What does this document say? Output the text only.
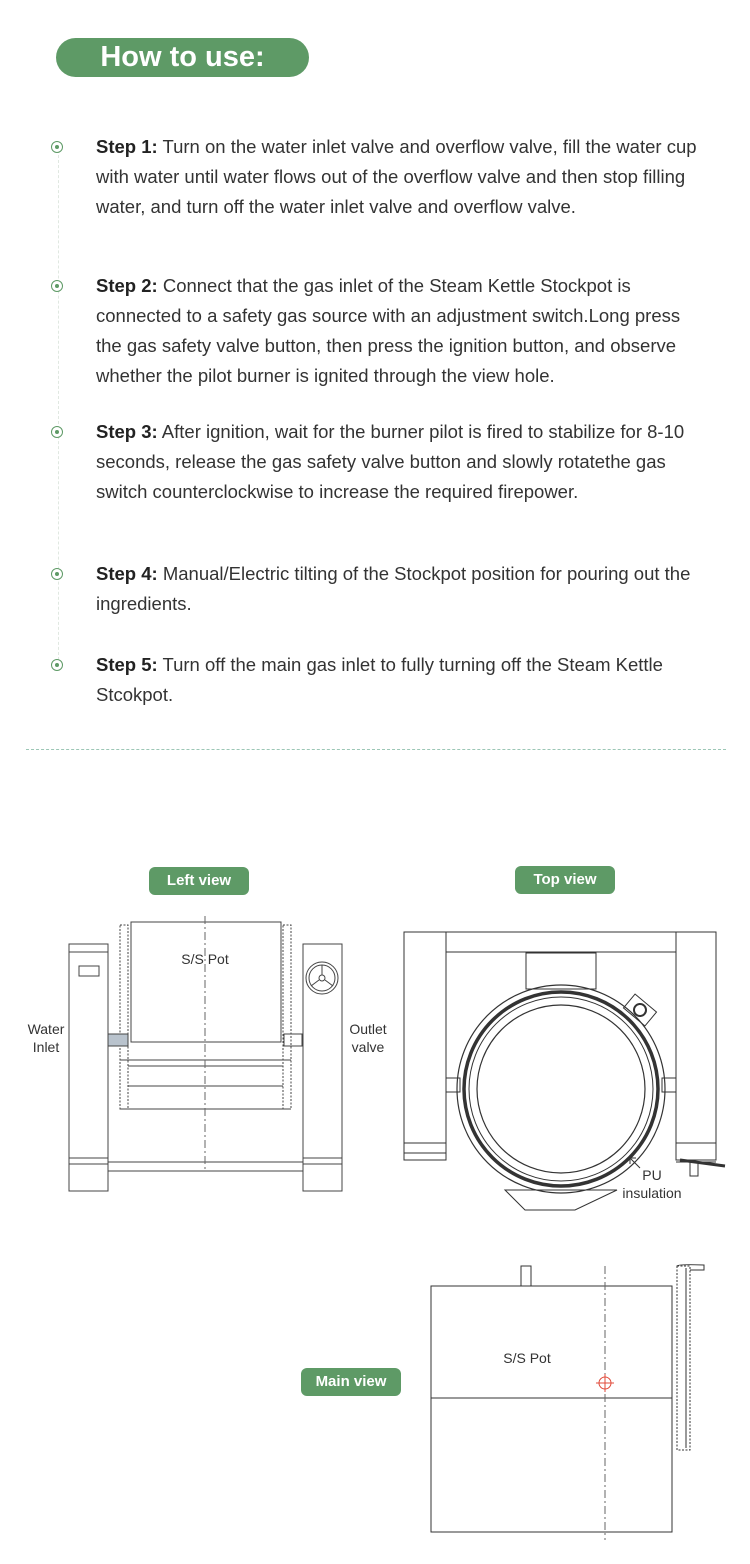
How to use:
Step 1: Turn on the water inlet valve and overflow valve, fill the water cup with water until water flows out of the overflow valve and then stop filling water, and turn off the water inlet valve and overflow valve.
Step 2: Connect that the gas inlet of the Steam Kettle Stockpot is connected to a safety gas source with an adjustment switch.Long press the gas safety valve button, then press the ignition button, and observe whether the pilot burner is ignited through the view hole.
Step 3: After ignition, wait for the burner pilot is fired to stabilize for 8-10 seconds, release the gas safety valve button and slowly rotatethe gas switch counterclockwise to increase the required firepower.
Step 4: Manual/Electric tilting of the Stockpot position for pouring out the ingredients.
Step 5: Turn off the main gas inlet to fully turning off the Steam Kettle Stcokpot.
Left view
S/S Pot
Water
Inlet
Outlet
valve
Top view
PU
insulation
Main view
S/S Pot
